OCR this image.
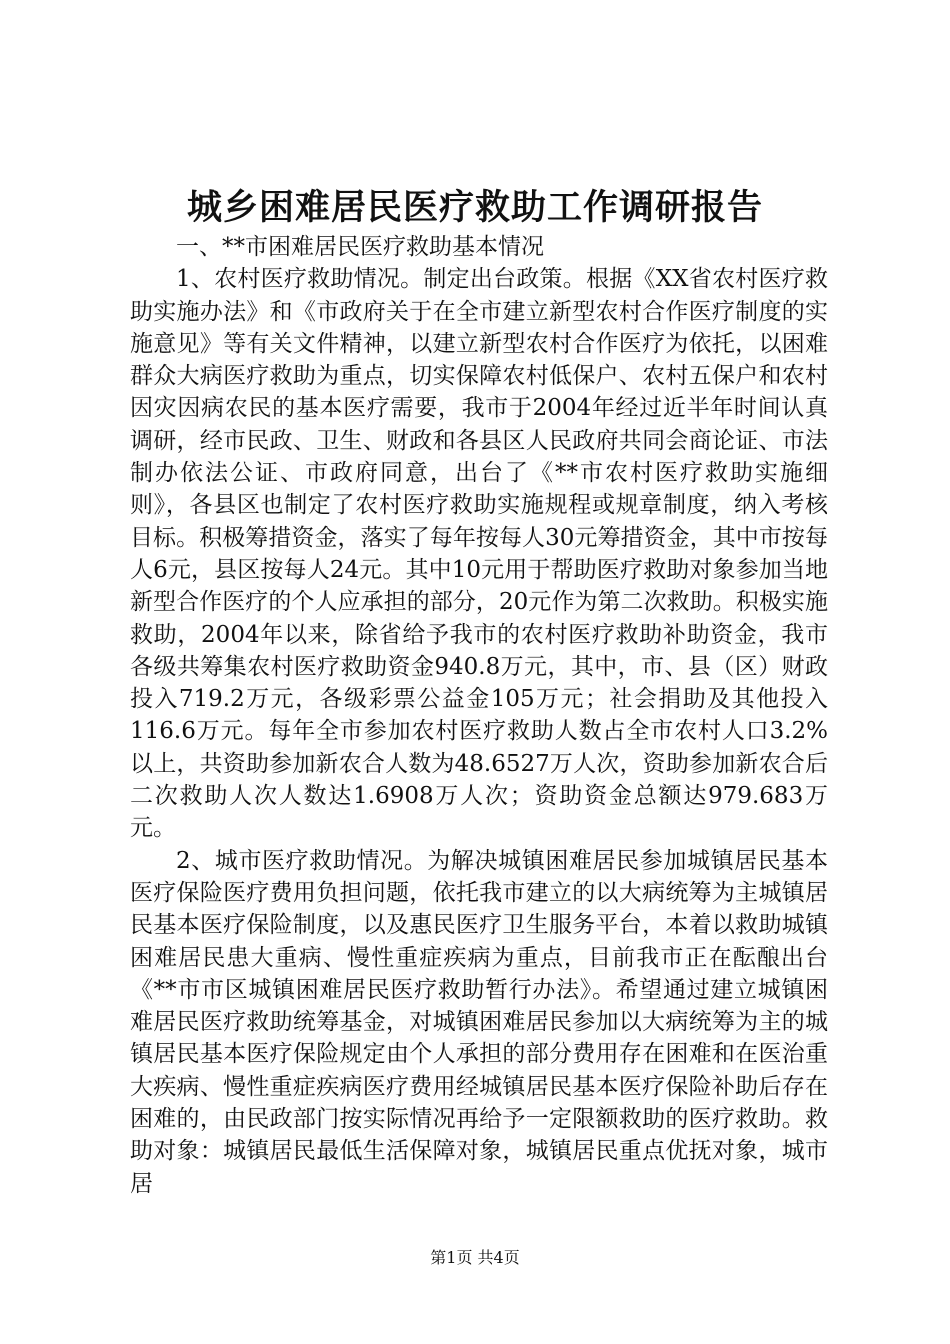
城乡困难居民医疗救助工作调研报告

一、**市困难居民医疗救助基本情况

1、农村医疗救助情况。制定出台政策。根据《XX省农村医疗救助实施办法》和《市政府关于在全市建立新型农村合作医疗制度的实施意见》等有关文件精神，以建立新型农村合作医疗为依托，以困难群众大病医疗救助为重点，切实保障农村低保户、农村五保户和农村因灾因病农民的基本医疗需要，我市于2004年经过近半年时间认真调研，经市民政、卫生、财政和各县区人民政府共同会商论证、市法制办依法公证、市政府同意，出台了《**市农村医疗救助实施细则》，各县区也制定了农村医疗救助实施规程或规章制度，纳入考核目标。积极筹措资金，落实了每年按每人30元筹措资金，其中市按每人6元，县区按每人24元。其中10元用于帮助医疗救助对象参加当地新型合作医疗的个人应承担的部分，20元作为第二次救助。积极实施救助，2004年以来，除省给予我市的农村医疗救助补助资金，我市各级共筹集农村医疗救助资金940.8万元，其中，市、县（区）财政投入719.2万元，各级彩票公益金105万元；社会捐助及其他投入116.6万元。每年全市参加农村医疗救助人数占全市农村人口3.2%以上，共资助参加新农合人数为48.6527万人次，资助参加新农合后二次救助人次人数达1.6908万人次；资助资金总额达979.683万元。

2、城市医疗救助情况。为解决城镇困难居民参加城镇居民基本医疗保险医疗费用负担问题，依托我市建立的以大病统筹为主城镇居民基本医疗保险制度，以及惠民医疗卫生服务平台，本着以救助城镇困难居民患大重病、慢性重症疾病为重点，目前我市正在酝酿出台《**市市区城镇困难居民医疗救助暂行办法》。希望通过建立城镇困难居民医疗救助统筹基金，对城镇困难居民参加以大病统筹为主的城镇居民基本医疗保险规定由个人承担的部分费用存在困难和在医治重大疾病、慢性重症疾病医疗费用经城镇居民基本医疗保险补助后存在困难的，由民政部门按实际情况再给予一定限额救助的医疗救助。救助对象：城镇居民最低生活保障对象，城镇居民重点优抚对象，城市居

第1页 共4页
